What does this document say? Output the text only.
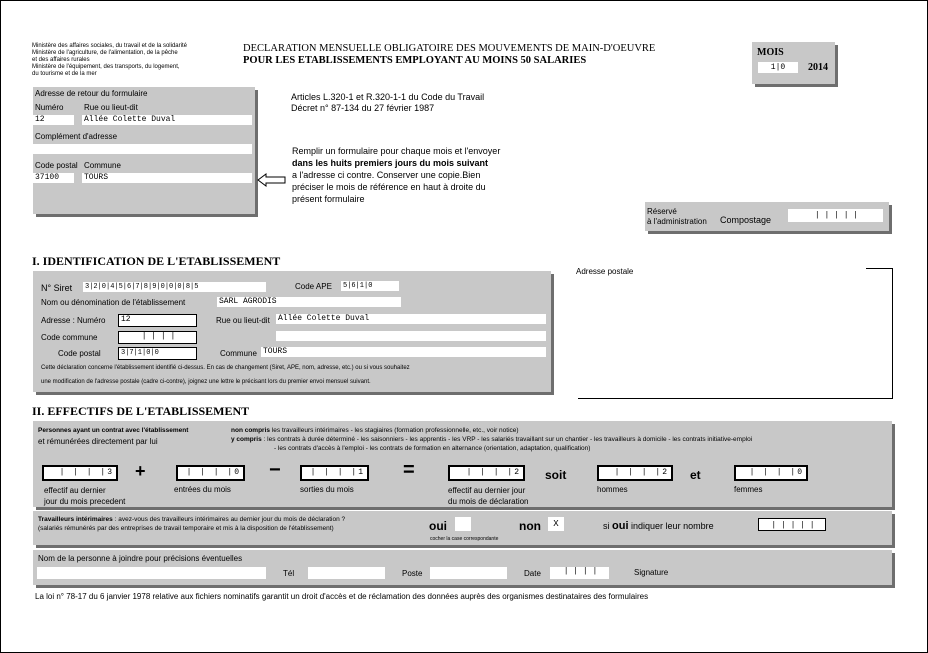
Ministère des affaires sociales, du travail et de la solidarité
Ministère de l'agriculture, de l'alimentation, de la pêche
et des affaires rurales
Ministère de l'équipement, des transports, du logement,
du tourisme et de la mer
DECLARATION MENSUELLE OBLIGATOIRE DES MOUVEMENTS DE MAIN-D'OEUVRE
POUR LES ETABLISSEMENTS EMPLOYANT AU MOINS 50 SALARIES
MOIS
1|0	2014
Adresse de retour du formulaire
Numéro	Rue ou lieut-dit
12	Allée Colette Duval
Complément d'adresse
Code postal Commune
37100	TOURS
Articles L.320-1 et R.320-1-1 du Code du Travail
Décret n° 87-134 du 27 février 1987
Remplir un formulaire pour chaque mois et l'envoyer
dans les huits premiers jours du mois suivant
a l'adresse ci contre. Conserver une copie.Bien
préciser le mois de référence en haut à droite du
présent formulaire
Réservé
à l'administration Compostage	| | | | |
I. IDENTIFICATION DE L'ETABLISSEMENT
N° Siret 3|2|0|4|5|6|7|8|9|0|0|0|8|5	Code APE 5|6|1|0
Nom ou dénomination de l'établissement	SARL AGRODIS
Adresse : Numéro	12	Rue ou lieut-dit Allée Colette Duval
Code commune	| | | |
Code postal	3|7|1|0|0	Commune TOURS
Cette déclaration concerne l'établissement identifié ci-dessus. En cas de changement (Siret, APE, nom, adresse, etc.) ou si vous souhaitez
une modification de l'adresse postale (cadre ci-contre), joignez une lettre le précisant lors du premier envoi mensuel suivant.
Adresse postale
II. EFFECTIFS DE L'ETABLISSEMENT
Personnes ayant un contrat avec l'établissement
et rémunérées directement par lui
non compris les travailleurs intérimaires - les stagiaires (formation professionnelle, etc., voir notice)
y compris : les contrats à durée déterminé - les saisonniers - les apprentis - les VRP - les salariés travaillant sur un chantier - les travailleurs à domicile - les contrats initiative-emploi
- les contrats d'accès à l'emploi - les contrats de formation en alternance (orientation, adaptation, qualification)
| | | |3	+	| | | |0	−	| | | |1	=	| | | |2	soit	| | | |2	et	| | | |0
effectif au dernier
jour du mois precedent
entrées du mois	sorties du mois	effectif au dernier jour
du mois de déclaration
hommes	femmes
Travailleurs intérimaires : avez-vous des travailleurs intérimaires au dernier jour du mois de déclaration ?
(salariés rémunérés par des entreprises de travail temporaire et mis à la disposition de l'établissement)	oui
cocher la case correspondante
non	X	si oui indiquer leur nombre	| | | | |
Nom de la personne à joindre pour précisions éventuelles
Tél	Poste	Date	| | | |	Signature
La loi n° 78-17 du 6 janvier 1978 relative aux fichiers nominatifs garantit un droit d'accès et de réclamation des données auprès des organismes destinataires des formulaires
